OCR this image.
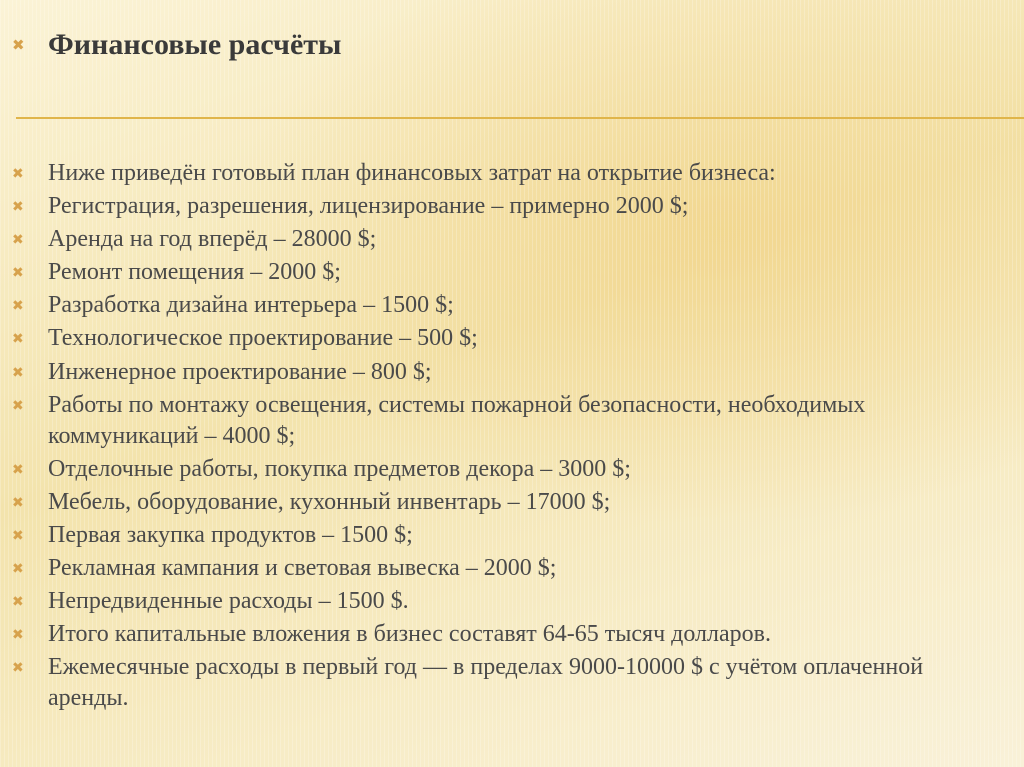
✖ Финансовые расчёты
✖	Ниже приведён готовый план финансовых затрат на открытие бизнеса:
✖	Регистрация, разрешения, лицензирование – примерно 2000 $;
✖	Аренда на год вперёд – 28000 $;
✖	Ремонт помещения – 2000 $;
✖	Разработка дизайна интерьера – 1500 $;
✖	Технологическое проектирование – 500 $;
✖	Инженерное проектирование – 800 $;
✖	Работы по монтажу освещения, системы пожарной безопасности, необходимых коммуникаций – 4000 $;
✖	Отделочные работы, покупка предметов декора – 3000 $;
✖	Мебель, оборудование, кухонный инвентарь – 17000 $;
✖	Первая закупка продуктов – 1500 $;
✖	Рекламная кампания и световая вывеска – 2000 $;
✖	Непредвиденные расходы – 1500 $.
✖	Итого капитальные вложения в бизнес составят 64-65 тысяч долларов.
✖	Ежемесячные расходы в первый год — в пределах 9000-10000 $ с учётом оплаченной аренды.
